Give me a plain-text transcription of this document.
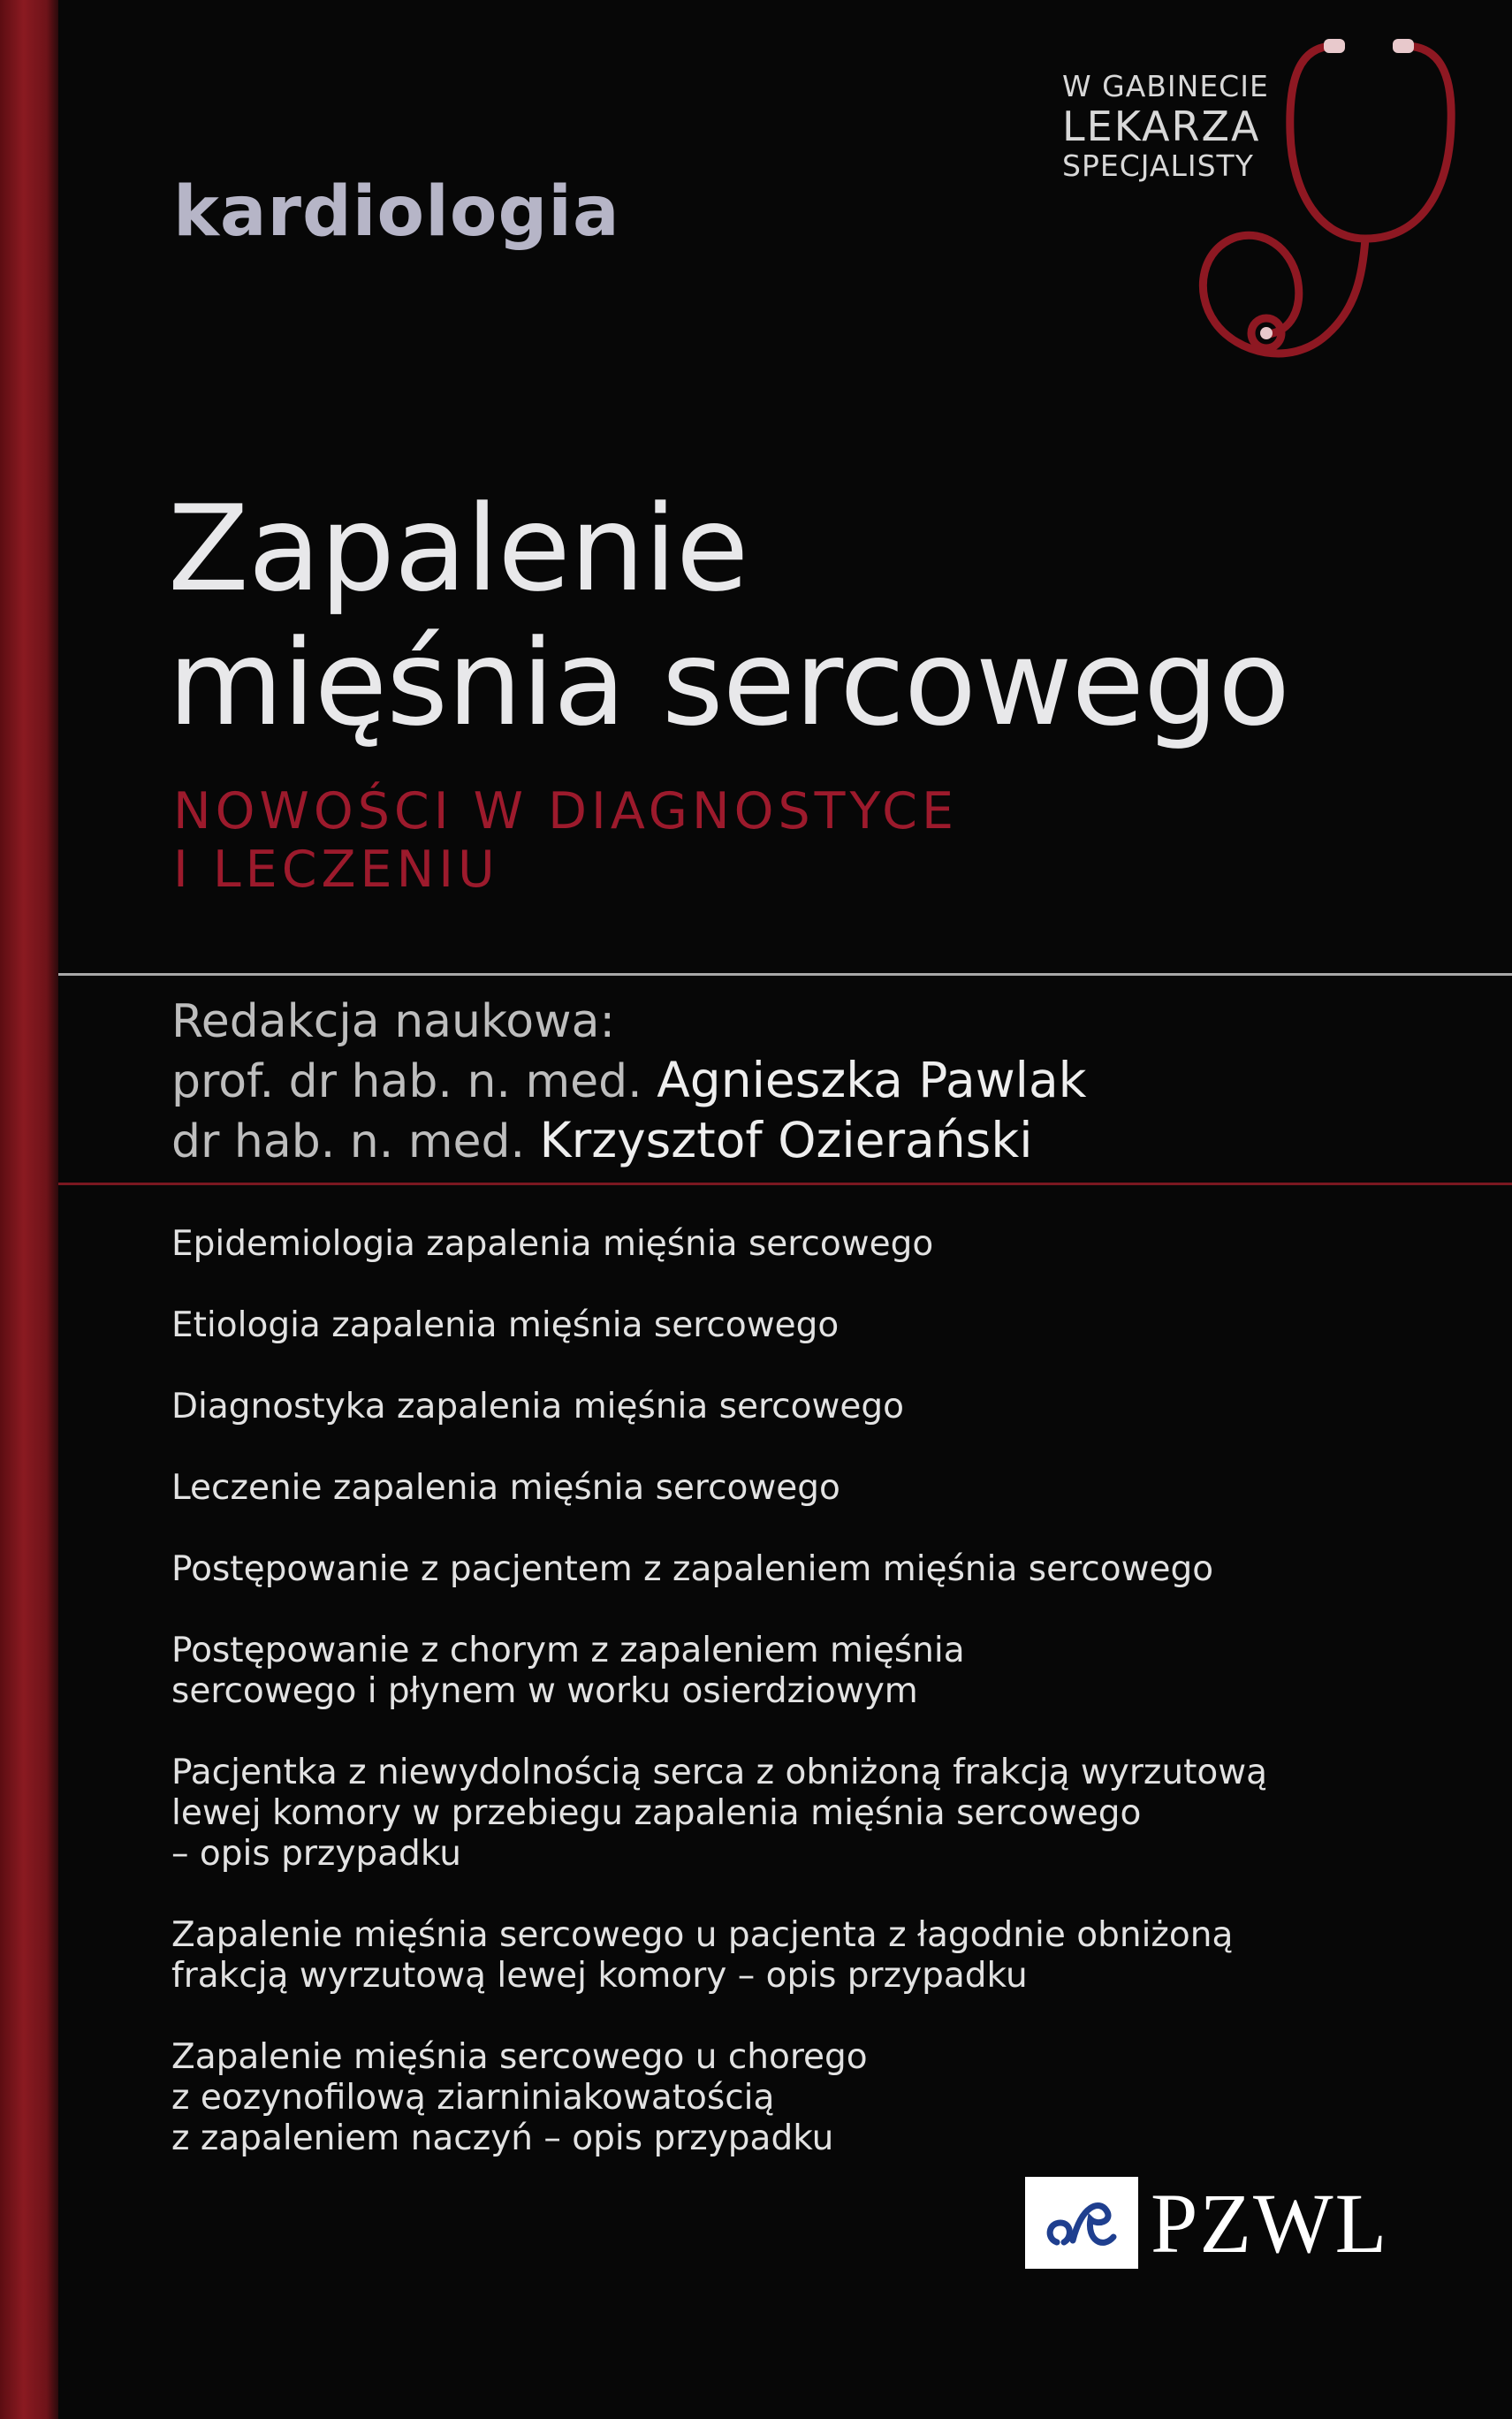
kardiologia
W GABINECIE
LEKARZA
SPECJALISTY
Zapalenie
mięśnia sercowego
NOWOŚCI W DIAGNOSTYCE
I LECZENIU
Redakcja naukowa:
prof. dr hab. n. med. Agnieszka Pawlak
dr hab. n. med. Krzysztof Ozierański
Epidemiologia zapalenia mięśnia sercowego
Etiologia zapalenia mięśnia sercowego
Diagnostyka zapalenia mięśnia sercowego
Leczenie zapalenia mięśnia sercowego
Postępowanie z pacjentem z zapaleniem mięśnia sercowego
Postępowanie z chorym z zapaleniem mięśnia
sercowego i płynem w worku osierdziowym
Pacjentka z niewydolnością serca z obniżoną frakcją wyrzutową
lewej komory w przebiegu zapalenia mięśnia sercowego
– opis przypadku
Zapalenie mięśnia sercowego u pacjenta z łagodnie obniżoną
frakcją wyrzutową lewej komory – opis przypadku
Zapalenie mięśnia sercowego u chorego
z eozynofilową ziarniniakowatością
z zapaleniem naczyń – opis przypadku
PZWL
